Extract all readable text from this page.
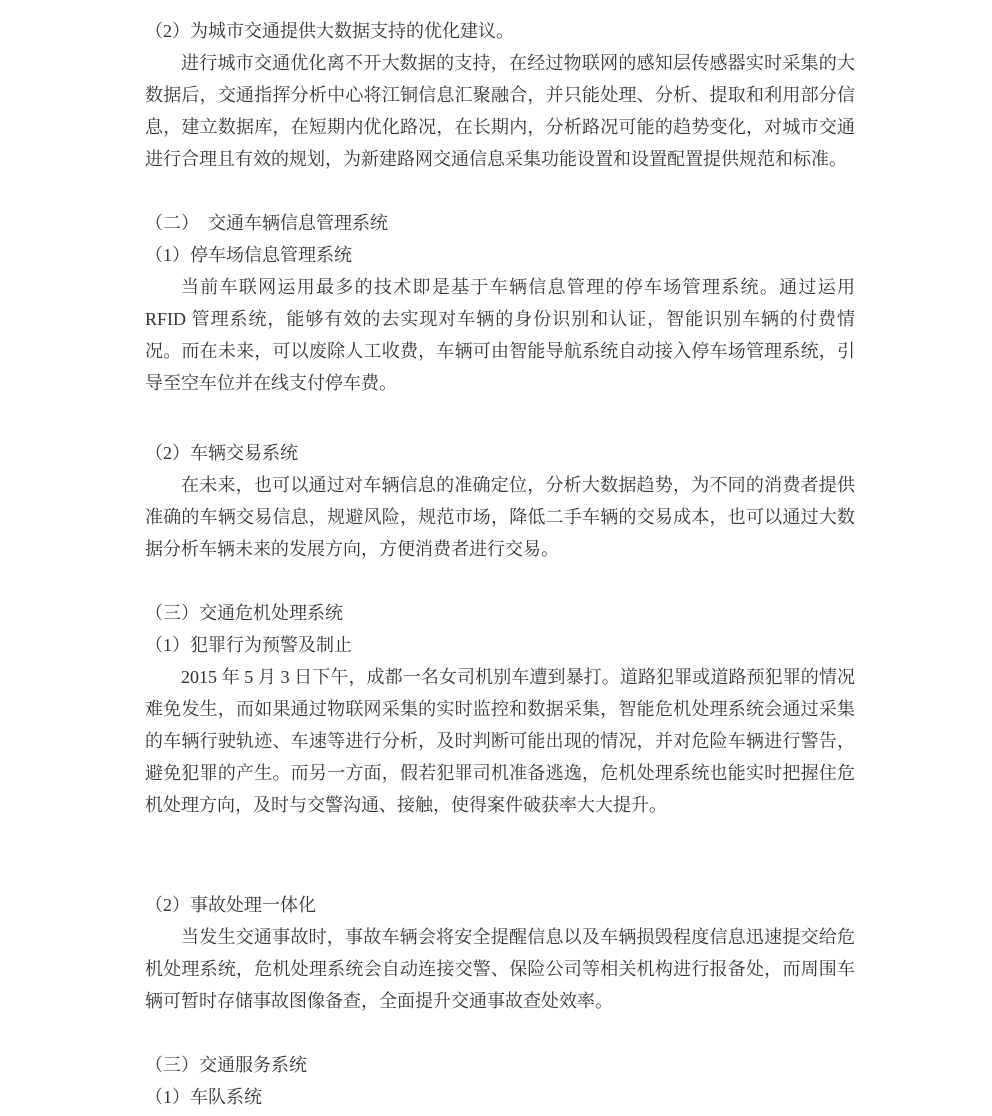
（2）为城市交通提供大数据支持的优化建议。
进行城市交通优化离不开大数据的支持，在经过物联网的感知层传感器实时采集的大数据后，交通指挥分析中心将江铜信息汇聚融合，并只能处理、分析、提取和利用部分信息，建立数据库，在短期内优化路况，在长期内，分析路况可能的趋势变化，对城市交通进行合理且有效的规划，为新建路网交通信息采集功能设置和设置配置提供规范和标准。
（二）　交通车辆信息管理系统
（1）停车场信息管理系统
当前车联网运用最多的技术即是基于车辆信息管理的停车场管理系统。通过运用 RFID 管理系统，能够有效的去实现对车辆的身份识别和认证，智能识别车辆的付费情况。而在未来，可以废除人工收费，车辆可由智能导航系统自动接入停车场管理系统，引导至空车位并在线支付停车费。
（2）车辆交易系统
在未来，也可以通过对车辆信息的准确定位，分析大数据趋势，为不同的消费者提供准确的车辆交易信息，规避风险，规范市场，降低二手车辆的交易成本，也可以通过大数据分析车辆未来的发展方向，方便消费者进行交易。
（三）交通危机处理系统
（1）犯罪行为预警及制止
2015 年 5 月 3 日下午，成都一名女司机别车遭到暴打。道路犯罪或道路预犯罪的情况难免发生，而如果通过物联网采集的实时监控和数据采集，智能危机处理系统会通过采集的车辆行驶轨迹、车速等进行分析，及时判断可能出现的情况，并对危险车辆进行警告，避免犯罪的产生。而另一方面，假若犯罪司机准备逃逸，危机处理系统也能实时把握住危机处理方向，及时与交警沟通、接触，使得案件破获率大大提升。
（2）事故处理一体化
当发生交通事故时，事故车辆会将安全提醒信息以及车辆损毁程度信息迅速提交给危机处理系统，危机处理系统会自动连接交警、保险公司等相关机构进行报备处，而周围车辆可暂时存储事故图像备查，全面提升交通事故查处效率。
（三）交通服务系统
（1）车队系统
